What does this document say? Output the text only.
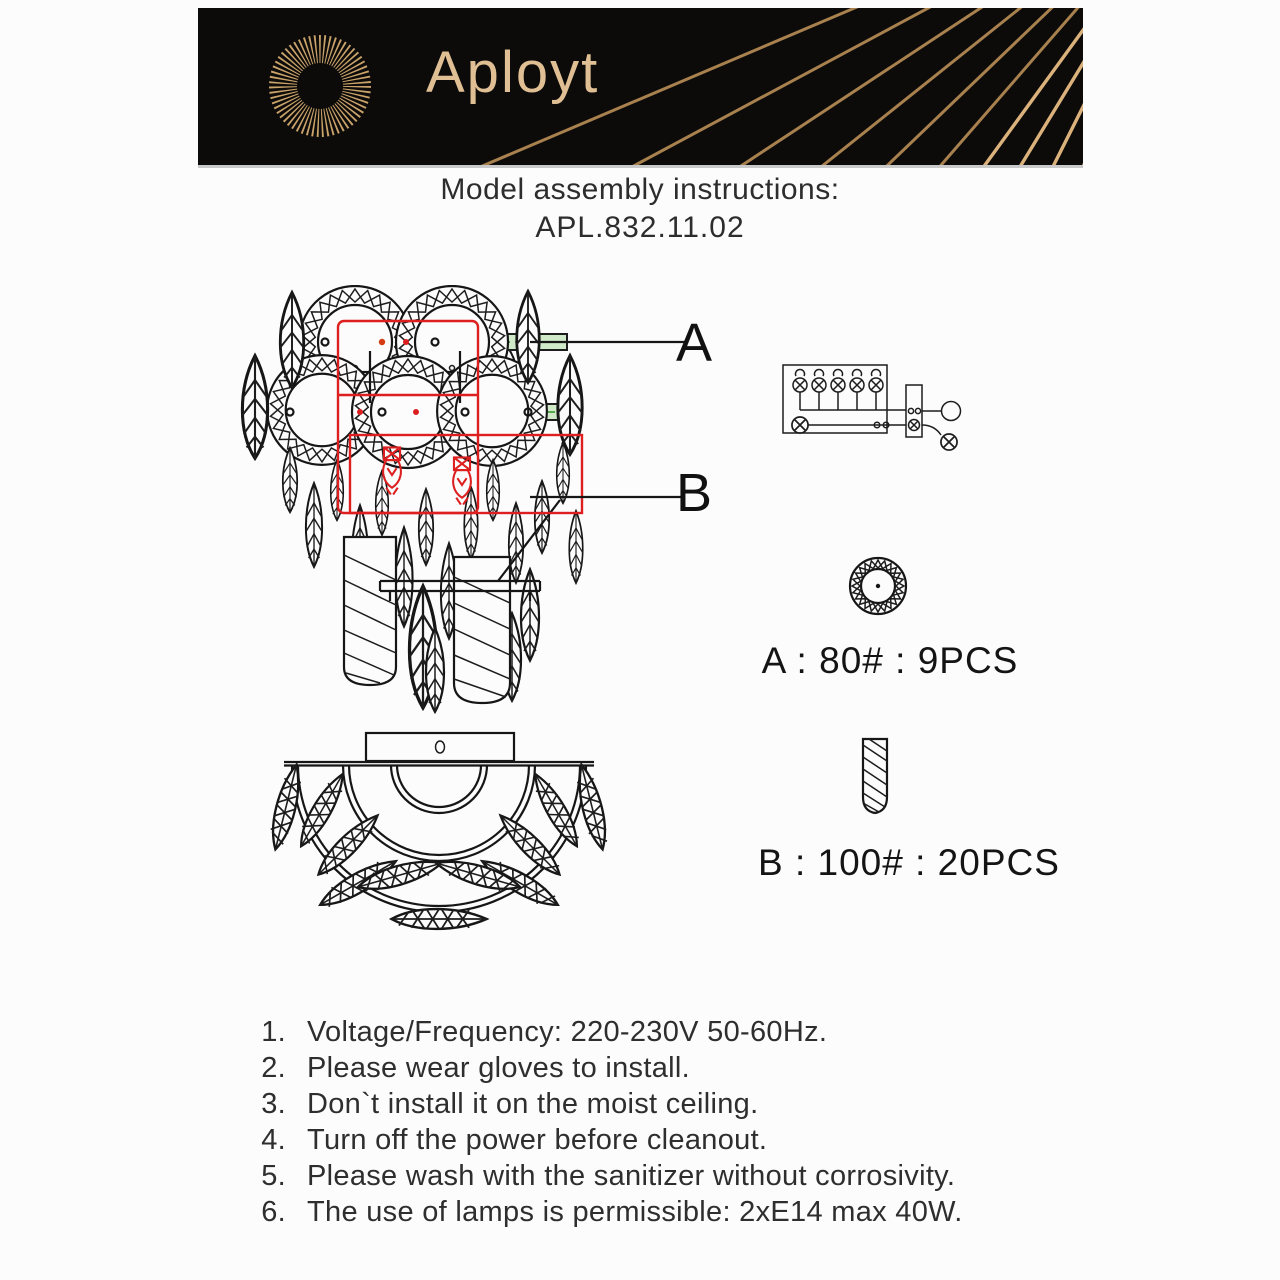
Aployt
Model assembly instructions:
APL.832.11.02
A
B
A : 80# : 9PCS
B : 100# : 20PCS
1. Voltage/Frequency: 220-230V 50-60Hz.
2. Please wear gloves to install.
3. Don`t install it on the moist ceiling.
4. Turn off the power before cleanout.
5. Please wash with the sanitizer without corrosivity.
6. The use of lamps is permissible: 2xE14 max 40W.
